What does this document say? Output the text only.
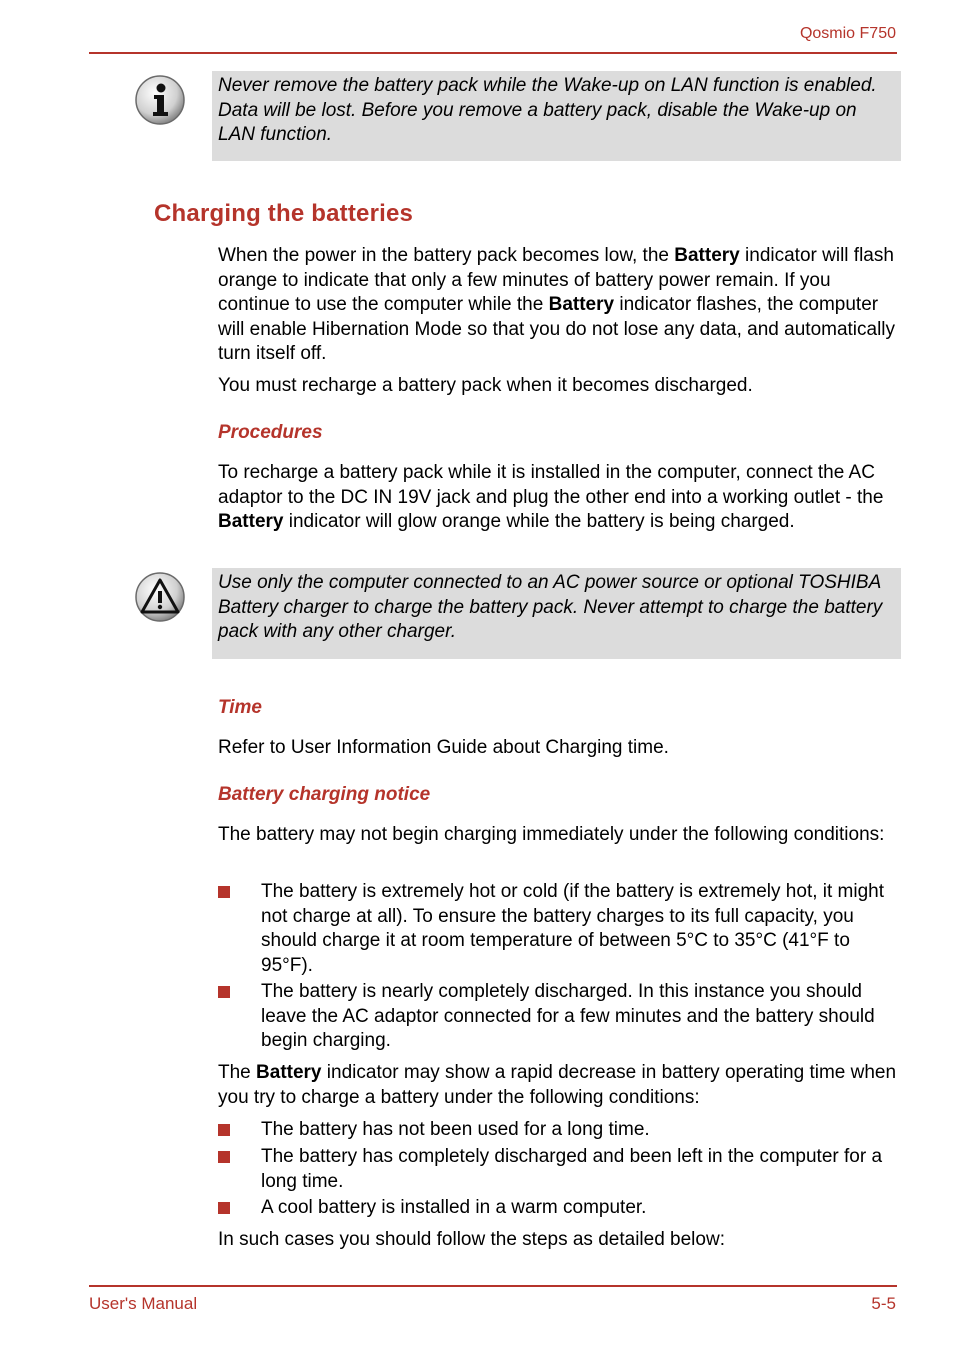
Qosmio F750
Never remove the battery pack while the Wake-up on LAN function is enabled. Data will be lost. Before you remove a battery pack, disable the Wake-up on LAN function.
Charging the batteries
When the power in the battery pack becomes low, the Battery indicator will flash orange to indicate that only a few minutes of battery power remain. If you continue to use the computer while the Battery indicator flashes, the computer will enable Hibernation Mode so that you do not lose any data, and automatically turn itself off.
You must recharge a battery pack when it becomes discharged.
Procedures
To recharge a battery pack while it is installed in the computer, connect the AC adaptor to the DC IN 19V jack and plug the other end into a working outlet - the Battery indicator will glow orange while the battery is being charged.
Use only the computer connected to an AC power source or optional TOSHIBA Battery charger to charge the battery pack. Never attempt to charge the battery pack with any other charger.
Time
Refer to User Information Guide about Charging time.
Battery charging notice
The battery may not begin charging immediately under the following conditions:
The battery is extremely hot or cold (if the battery is extremely hot, it might not charge at all). To ensure the battery charges to its full capacity, you should charge it at room temperature of between 5°C to 35°C (41°F to 95°F).
The battery is nearly completely discharged. In this instance you should leave the AC adaptor connected for a few minutes and the battery should begin charging.
The Battery indicator may show a rapid decrease in battery operating time when you try to charge a battery under the following conditions:
The battery has not been used for a long time.
The battery has completely discharged and been left in the computer for a long time.
A cool battery is installed in a warm computer.
In such cases you should follow the steps as detailed below:
User's Manual	5-5
